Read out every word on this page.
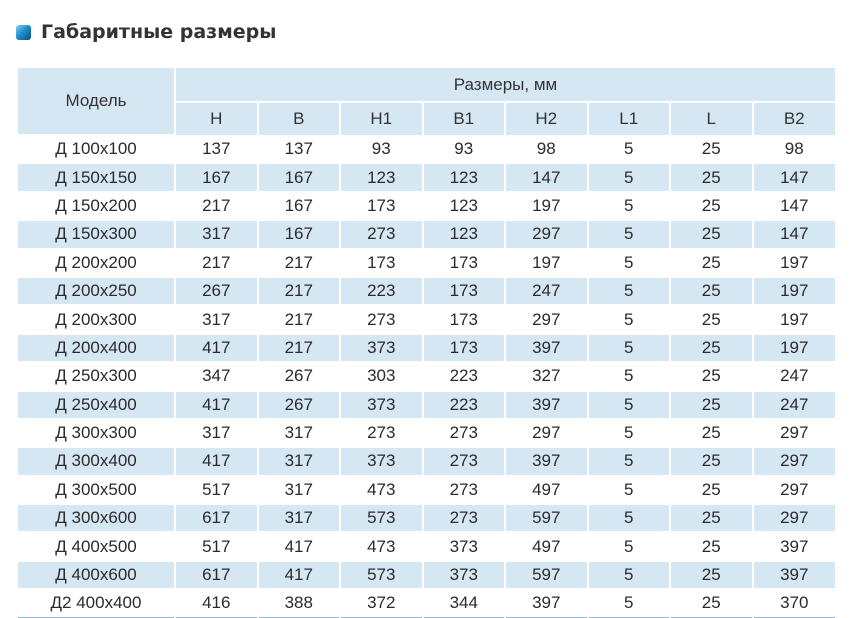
Габаритные размеры
Модель	Размеры, мм							
	H	B	H1	B1	H2	L1	L	B2
Д 100x100	137	137	93	93	98	5	25	98
Д 150x150	167	167	123	123	147	5	25	147
Д 150x200	217	167	173	123	197	5	25	147
Д 150x300	317	167	273	123	297	5	25	147
Д 200x200	217	217	173	173	197	5	25	197
Д 200x250	267	217	223	173	247	5	25	197
Д 200x300	317	217	273	173	297	5	25	197
Д 200x400	417	217	373	173	397	5	25	197
Д 250x300	347	267	303	223	327	5	25	247
Д 250x400	417	267	373	223	397	5	25	247
Д 300x300	317	317	273	273	297	5	25	297
Д 300x400	417	317	373	273	397	5	25	297
Д 300x500	517	317	473	273	497	5	25	297
Д 300x600	617	317	573	273	597	5	25	297
Д 400x500	517	417	473	373	497	5	25	397
Д 400x600	617	417	573	373	597	5	25	397
Д2 400x400	416	388	372	344	397	5	25	370
